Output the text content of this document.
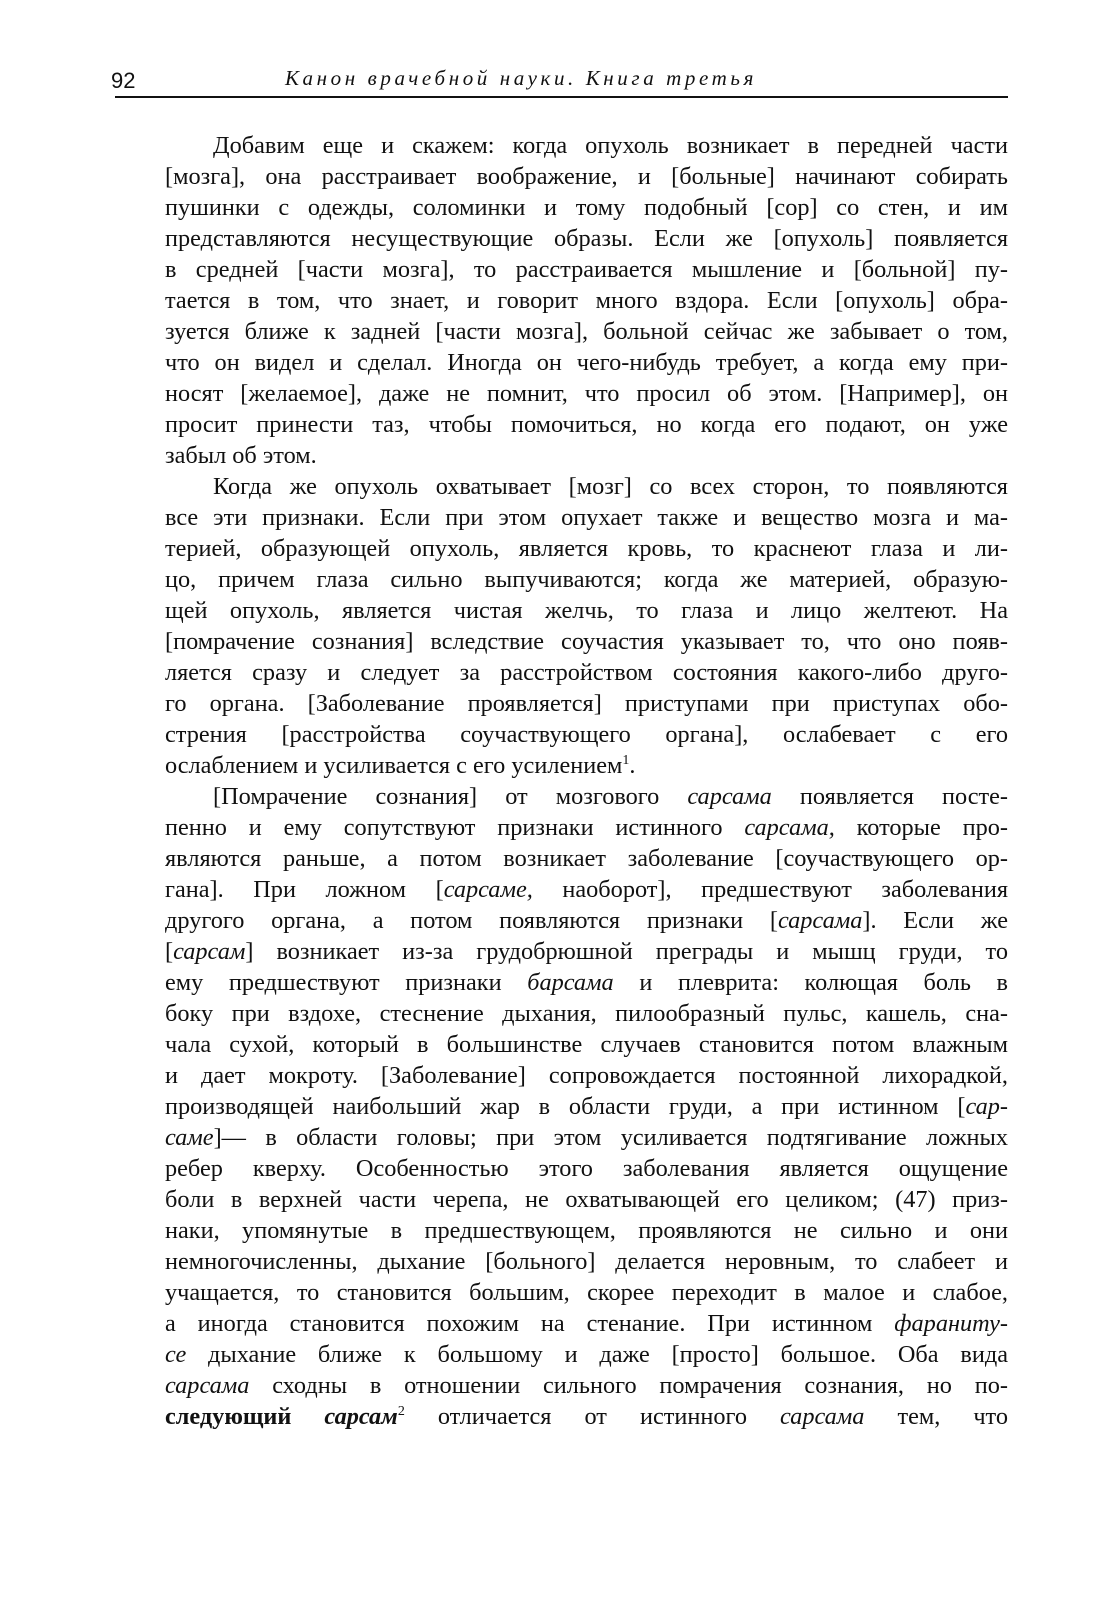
92	Канон врачебной науки. Книга третья

Добавим еще и скажем: когда опухоль возникает в передней части
[мозга], она расстраивает воображение, и [больные] начинают собирать
пушинки с одежды, соломинки и тому подобный [сор] со стен, и им
представляются несуществующие образы. Если же [опухоль] появляется
в средней [части мозга], то расстраивается мышление и [больной] пу-
тается в том, что знает, и говорит много вздора. Если [опухоль] обра-
зуется ближе к задней [части мозга], больной сейчас же забывает о том,
что он видел и сделал. Иногда он чего-нибудь требует, а когда ему при-
носят [желаемое], даже не помнит, что просил об этом. [Например], он
просит принести таз, чтобы помочиться, но когда его подают, он уже
забыл об этом.

Когда же опухоль охватывает [мозг] со всех сторон, то появляются
все эти признаки. Если при этом опухает также и вещество мозга и ма-
терией, образующей опухоль, является кровь, то краснеют глаза и ли-
цо, причем глаза сильно выпучиваются; когда же материей, образую-
щей опухоль, является чистая желчь, то глаза и лицо желтеют. На
[помрачение сознания] вследствие соучастия указывает то, что оно появ-
ляется сразу и следует за расстройством состояния какого-либо друго-
го органа. [Заболевание проявляется] приступами при приступах обо-
стрения [расстройства соучаствующего органа], ослабевает с его
ослаблением и усиливается с его усилением$^1$.

[Помрачение сознания] от мозгового сарсама появляется посте-
пенно и ему сопутствуют признаки истинного сарсама, которые про-
являются раньше, а потом возникает заболевание [соучаствующего ор-
гана]. При ложном [сарсаме, наоборот], предшествуют заболевания
другого органа, а потом появляются признаки [сарсама]. Если же
[сарсам] возникает из-за грудобрюшной преграды и мышц груди, то
ему предшествуют признаки барсама и плеврита: колющая боль в
боку при вздохе, стеснение дыхания, пилообразный пульс, кашель, сна-
чала сухой, который в большинстве случаев становится потом влажным
и дает мокроту. [Заболевание] сопровождается постоянной лихорадкой,
производящей наибольший жар в области груди, а при истинном [сар-
саме]— в области головы; при этом усиливается подтягивание ложных
ребер кверху. Особенностью этого заболевания является ощущение
боли в верхней части черепа, не охватывающей его целиком; (47) приз-
наки, упомянутые в предшествующем, проявляются не сильно и они
немногочисленны, дыхание [больного] делается неровным, то слабеет и
учащается, то становится большим, скорее переходит в малое и слабое,
а иногда становится похожим на стенание. При истинном фараниту-
се дыхание ближе к большому и даже [просто] большое. Оба вида
сарсама сходны в отношении сильного помрачения сознания, но по-
следующий сарсам$^2$ отличается от истинного сарсама тем, что
